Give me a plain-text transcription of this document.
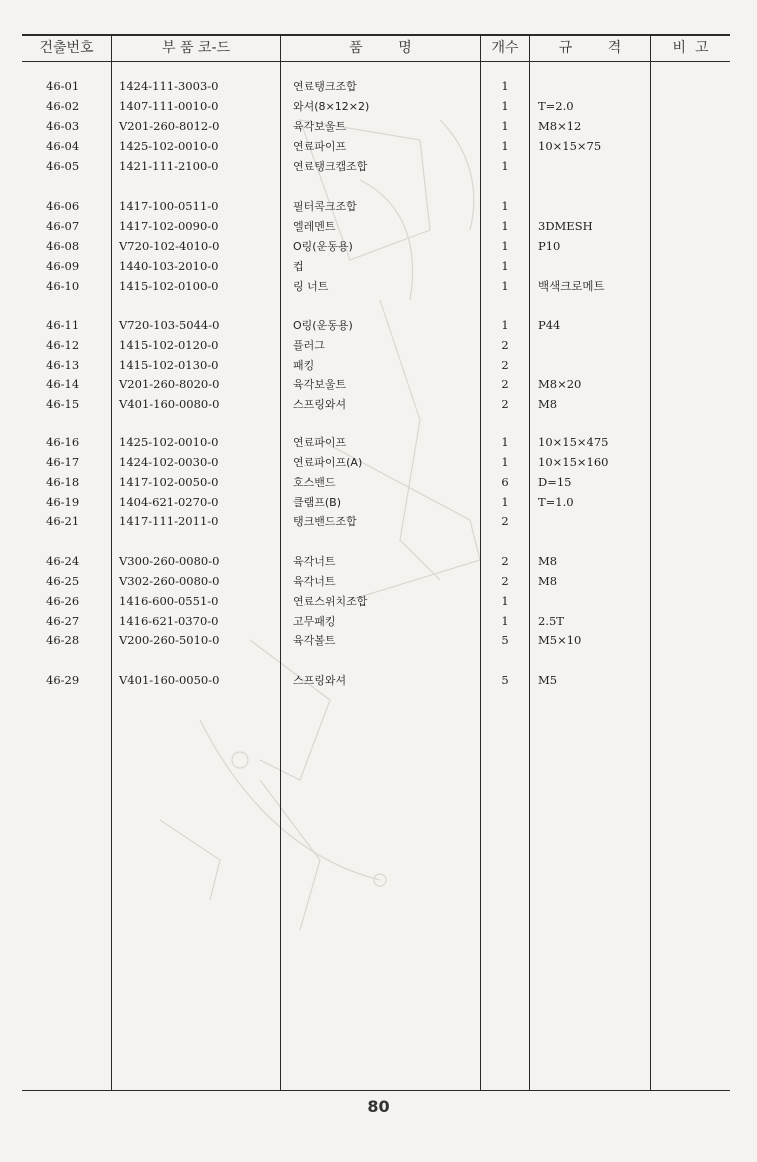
건출번호	부 품 코-드	품        명	개수	규        격	비  고
46-01	1424-111-3003-0	연료탱크조합	1
46-02	1407-111-0010-0	와셔(8×12×2)	1	T=2.0
46-03	V201-260-8012-0	육각보울트	1	M8×12
46-04	1425-102-0010-0	연료파이프	1	10×15×75
46-05	1421-111-2100-0	연료탱크캡조합	1
46-06	1417-100-0511-0	필터콕크조합	1
46-07	1417-102-0090-0	엘레멘트	1	3DMESH
46-08	V720-102-4010-0	O링(운동용)	1	P10
46-09	1440-103-2010-0	컵	1
46-10	1415-102-0100-0	링 너트	1	백색크로메트
46-11	V720-103-5044-0	O링(운동용)	1	P44
46-12	1415-102-0120-0	플러그	2
46-13	1415-102-0130-0	패킹	2
46-14	V201-260-8020-0	육각보울트	2	M8×20
46-15	V401-160-0080-0	스프링와셔	2	M8
46-16	1425-102-0010-0	연료파이프	1	10×15×475
46-17	1424-102-0030-0	연료파이프(A)	1	10×15×160
46-18	1417-102-0050-0	호스밴드	6	D=15
46-19	1404-621-0270-0	클램프(B)	1	T=1.0
46-21	1417-111-2011-0	탱크밴드조합	2
46-24	V300-260-0080-0	육각너트	2	M8
46-25	V302-260-0080-0	육각너트	2	M8
46-26	1416-600-0551-0	연료스위치조합	1
46-27	1416-621-0370-0	고무패킹	1	2.5T
46-28	V200-260-5010-0	육각볼트	5	M5×10
46-29	V401-160-0050-0	스프링와셔	5	M5
80
